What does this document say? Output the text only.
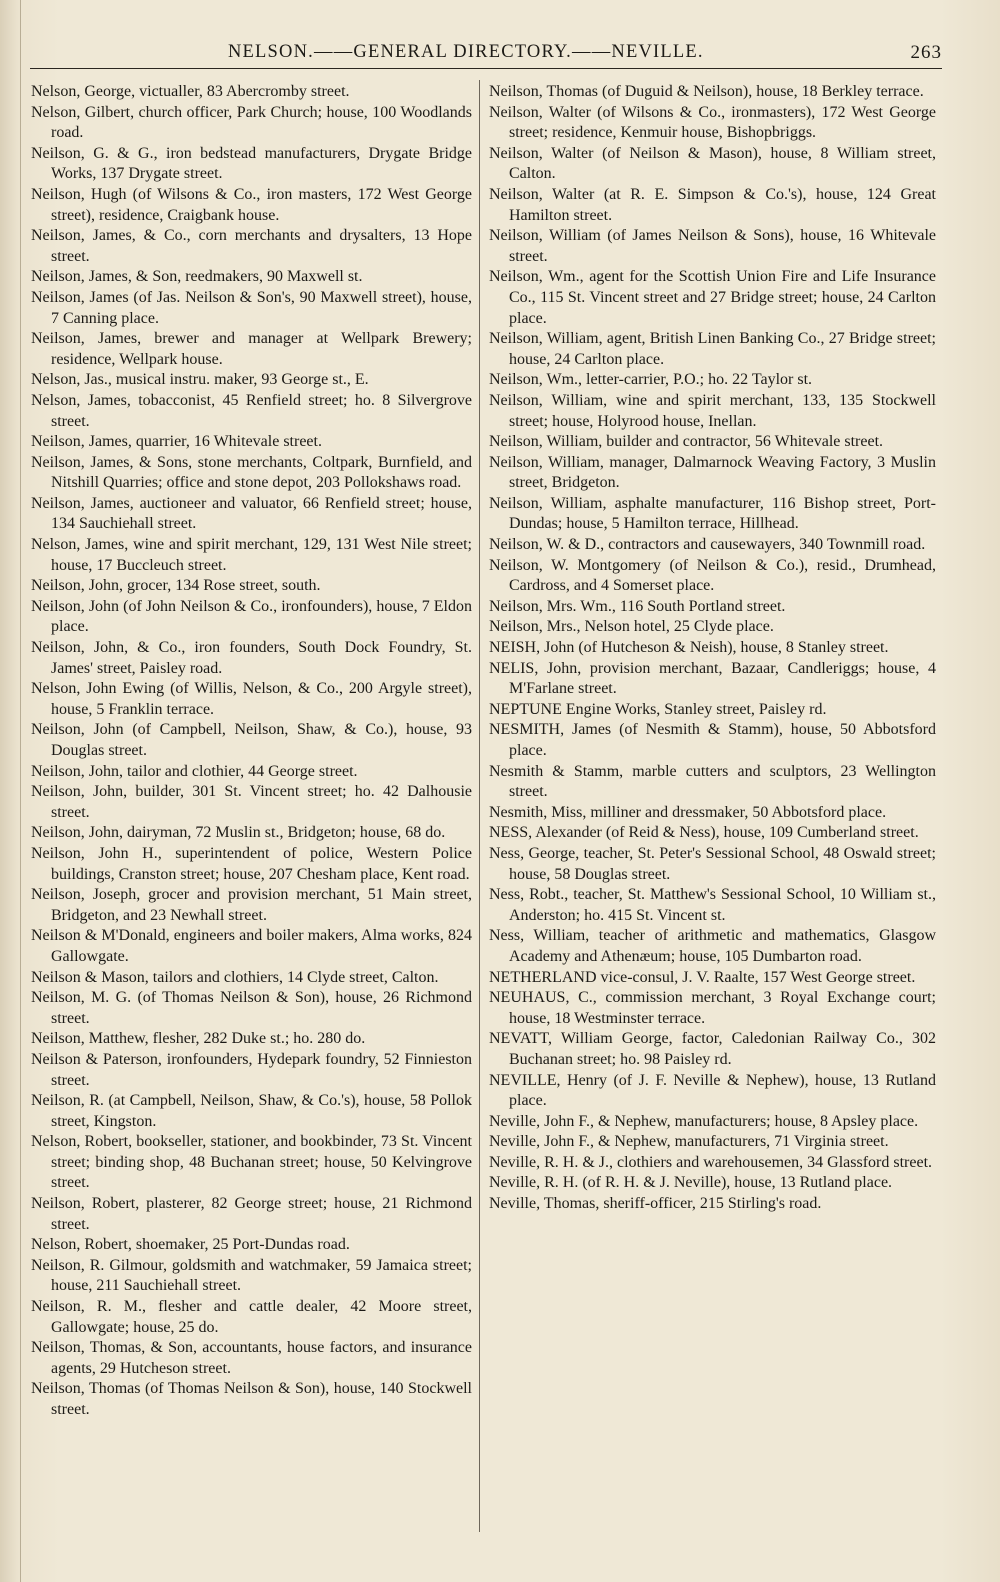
NELSON.——GENERAL DIRECTORY.——NEVILLE.	263
Nelson, George, victualler, 83 Abercromby street.
Nelson, Gilbert, church officer, Park Church; house, 100 Woodlands road.
Neilson, G. & G., iron bedstead manufacturers, Drygate Bridge Works, 137 Drygate street.
Neilson, Hugh (of Wilsons & Co., iron masters, 172 West George street), residence, Craigbank house.
Neilson, James, & Co., corn merchants and drysalters, 13 Hope street.
Neilson, James, & Son, reedmakers, 90 Maxwell st.
Neilson, James (of Jas. Neilson & Son's, 90 Maxwell street), house, 7 Canning place.
Neilson, James, brewer and manager at Wellpark Brewery; residence, Wellpark house.
Nelson, Jas., musical instru. maker, 93 George st., E.
Nelson, James, tobacconist, 45 Renfield street; ho. 8 Silvergrove street.
Neilson, James, quarrier, 16 Whitevale street.
Neilson, James, & Sons, stone merchants, Coltpark, Burnfield, and Nitshill Quarries; office and stone depot, 203 Pollokshaws road.
Neilson, James, auctioneer and valuator, 66 Renfield street; house, 134 Sauchiehall street.
Nelson, James, wine and spirit merchant, 129, 131 West Nile street; house, 17 Buccleuch street.
Neilson, John, grocer, 134 Rose street, south.
Neilson, John (of John Neilson & Co., ironfounders), house, 7 Eldon place.
Neilson, John, & Co., iron founders, South Dock Foundry, St. James' street, Paisley road.
Nelson, John Ewing (of Willis, Nelson, & Co., 200 Argyle street), house, 5 Franklin terrace.
Neilson, John (of Campbell, Neilson, Shaw, & Co.), house, 93 Douglas street.
Neilson, John, tailor and clothier, 44 George street.
Neilson, John, builder, 301 St. Vincent street; ho. 42 Dalhousie street.
Neilson, John, dairyman, 72 Muslin st., Bridgeton; house, 68 do.
Neilson, John H., superintendent of police, Western Police buildings, Cranston street; house, 207 Chesham place, Kent road.
Neilson, Joseph, grocer and provision merchant, 51 Main street, Bridgeton, and 23 Newhall street.
Neilson & M'Donald, engineers and boiler makers, Alma works, 824 Gallowgate.
Neilson & Mason, tailors and clothiers, 14 Clyde street, Calton.
Neilson, M. G. (of Thomas Neilson & Son), house, 26 Richmond street.
Neilson, Matthew, flesher, 282 Duke st.; ho. 280 do.
Neilson & Paterson, ironfounders, Hydepark foundry, 52 Finnieston street.
Neilson, R. (at Campbell, Neilson, Shaw, & Co.'s), house, 58 Pollok street, Kingston.
Nelson, Robert, bookseller, stationer, and bookbinder, 73 St. Vincent street; binding shop, 48 Buchanan street; house, 50 Kelvingrove street.
Neilson, Robert, plasterer, 82 George street; house, 21 Richmond street.
Nelson, Robert, shoemaker, 25 Port-Dundas road.
Neilson, R. Gilmour, goldsmith and watchmaker, 59 Jamaica street; house, 211 Sauchiehall street.
Neilson, R. M., flesher and cattle dealer, 42 Moore street, Gallowgate; house, 25 do.
Neilson, Thomas, & Son, accountants, house factors, and insurance agents, 29 Hutcheson street.
Neilson, Thomas (of Thomas Neilson & Son), house, 140 Stockwell street.
Neilson, Thomas (of Duguid & Neilson), house, 18 Berkley terrace.
Neilson, Walter (of Wilsons & Co., ironmasters), 172 West George street; residence, Kenmuir house, Bishopbriggs.
Neilson, Walter (of Neilson & Mason), house, 8 William street, Calton.
Neilson, Walter (at R. E. Simpson & Co.'s), house, 124 Great Hamilton street.
Neilson, William (of James Neilson & Sons), house, 16 Whitevale street.
Neilson, Wm., agent for the Scottish Union Fire and Life Insurance Co., 115 St. Vincent street and 27 Bridge street; house, 24 Carlton place.
Neilson, William, agent, British Linen Banking Co., 27 Bridge street; house, 24 Carlton place.
Neilson, Wm., letter-carrier, P.O.; ho. 22 Taylor st.
Neilson, William, wine and spirit merchant, 133, 135 Stockwell street; house, Holyrood house, Inellan.
Neilson, William, builder and contractor, 56 Whitevale street.
Neilson, William, manager, Dalmarnock Weaving Factory, 3 Muslin street, Bridgeton.
Neilson, William, asphalte manufacturer, 116 Bishop street, Port-Dundas; house, 5 Hamilton terrace, Hillhead.
Neilson, W. & D., contractors and causewayers, 340 Townmill road.
Neilson, W. Montgomery (of Neilson & Co.), resid., Drumhead, Cardross, and 4 Somerset place.
Neilson, Mrs. Wm., 116 South Portland street.
Neilson, Mrs., Nelson hotel, 25 Clyde place.
NEISH, John (of Hutcheson & Neish), house, 8 Stanley street.
NELIS, John, provision merchant, Bazaar, Candleriggs; house, 4 M'Farlane street.
NEPTUNE Engine Works, Stanley street, Paisley rd.
NESMITH, James (of Nesmith & Stamm), house, 50 Abbotsford place.
Nesmith & Stamm, marble cutters and sculptors, 23 Wellington street.
Nesmith, Miss, milliner and dressmaker, 50 Abbotsford place.
NESS, Alexander (of Reid & Ness), house, 109 Cumberland street.
Ness, George, teacher, St. Peter's Sessional School, 48 Oswald street; house, 58 Douglas street.
Ness, Robt., teacher, St. Matthew's Sessional School, 10 William st., Anderston; ho. 415 St. Vincent st.
Ness, William, teacher of arithmetic and mathematics, Glasgow Academy and Athenæum; house, 105 Dumbarton road.
NETHERLAND vice-consul, J. V. Raalte, 157 West George street.
NEUHAUS, C., commission merchant, 3 Royal Exchange court; house, 18 Westminster terrace.
NEVATT, William George, factor, Caledonian Railway Co., 302 Buchanan street; ho. 98 Paisley rd.
NEVILLE, Henry (of J. F. Neville & Nephew), house, 13 Rutland place.
Neville, John F., & Nephew, manufacturers; house, 8 Apsley place.
Neville, John F., & Nephew, manufacturers, 71 Virginia street.
Neville, R. H. & J., clothiers and warehousemen, 34 Glassford street.
Neville, R. H. (of R. H. & J. Neville), house, 13 Rutland place.
Neville, Thomas, sheriff-officer, 215 Stirling's road.
